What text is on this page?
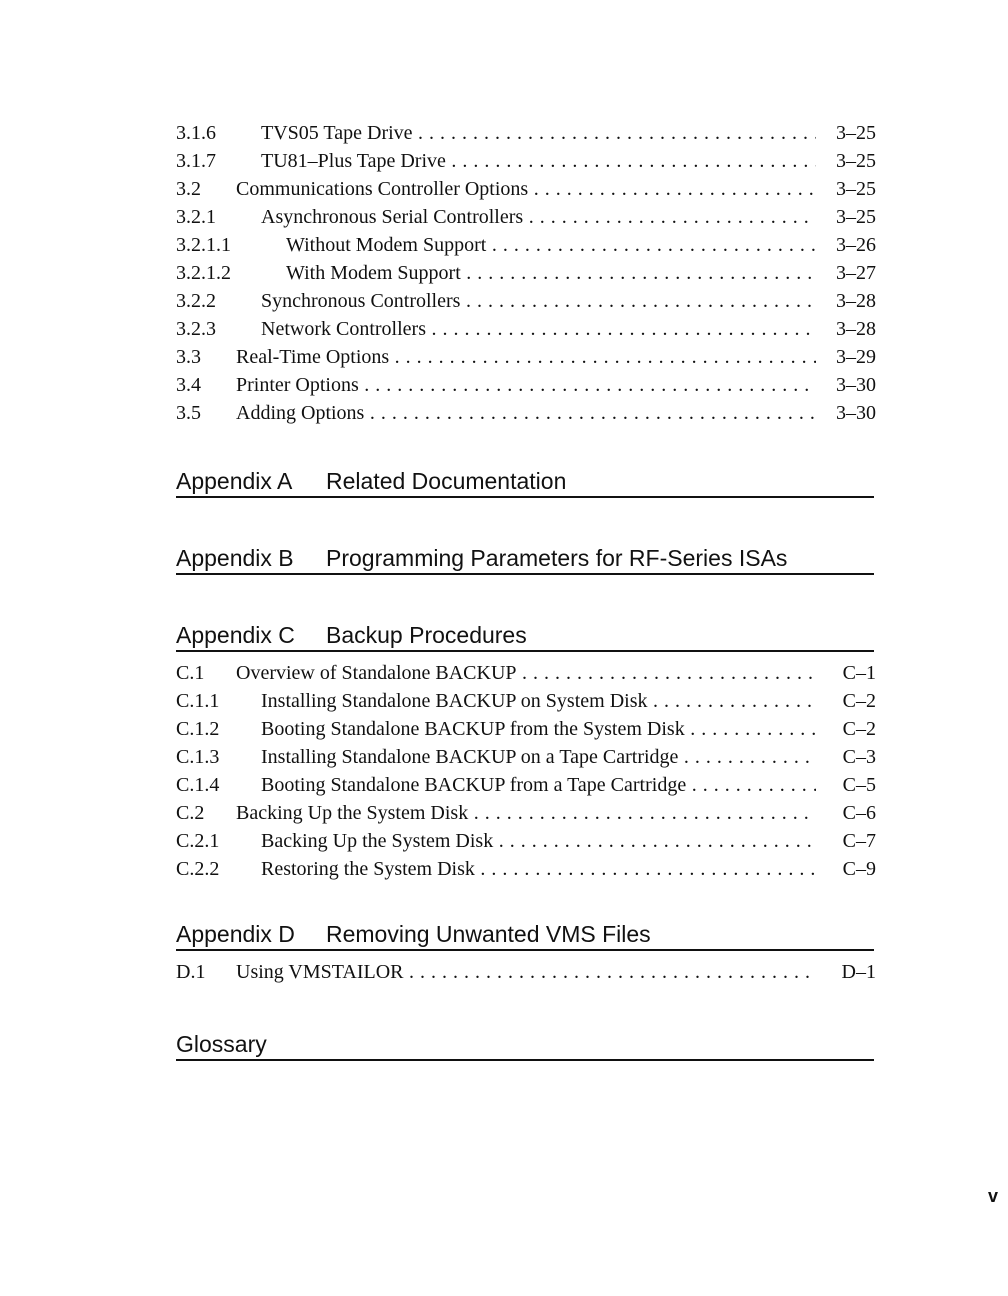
3.1.6 TVS05 Tape Drive . . .	3–25
3.1.7 TU81–Plus Tape Drive . . .	3–25
3.2 Communications Controller Options . . .	3–25
3.2.1 Asynchronous Serial Controllers . . .	3–25
3.2.1.1	Without Modem Support . . .	3–26
3.2.1.2	With Modem Support . . .	3–27
3.2.2 Synchronous Controllers . . .	3–28
3.2.3 Network Controllers . . .	3–28
3.3 Real-Time Options . . .	3–29
3.4 Printer Options . . .	3–30
3.5 Adding Options . . .	3–30
Appendix A Related Documentation
Appendix B Programming Parameters for RF-Series ISAs
Appendix C Backup Procedures
C.1 Overview of Standalone BACKUP . . .	C–1
C.1.1 Installing Standalone BACKUP on System Disk . . .	C–2
C.1.2 Booting Standalone BACKUP from the System Disk . . .	C–2
C.1.3 Installing Standalone BACKUP on a Tape Cartridge . . .	C–3
C.1.4 Booting Standalone BACKUP from a Tape Cartridge . . .	C–5
C.2 Backing Up the System Disk . . .	C–6
C.2.1 Backing Up the System Disk . . .	C–7
C.2.2 Restoring the System Disk . . .	C–9
Appendix D Removing Unwanted VMS Files
D.1 Using VMSTAILOR . . .	D–1
Glossary
v
